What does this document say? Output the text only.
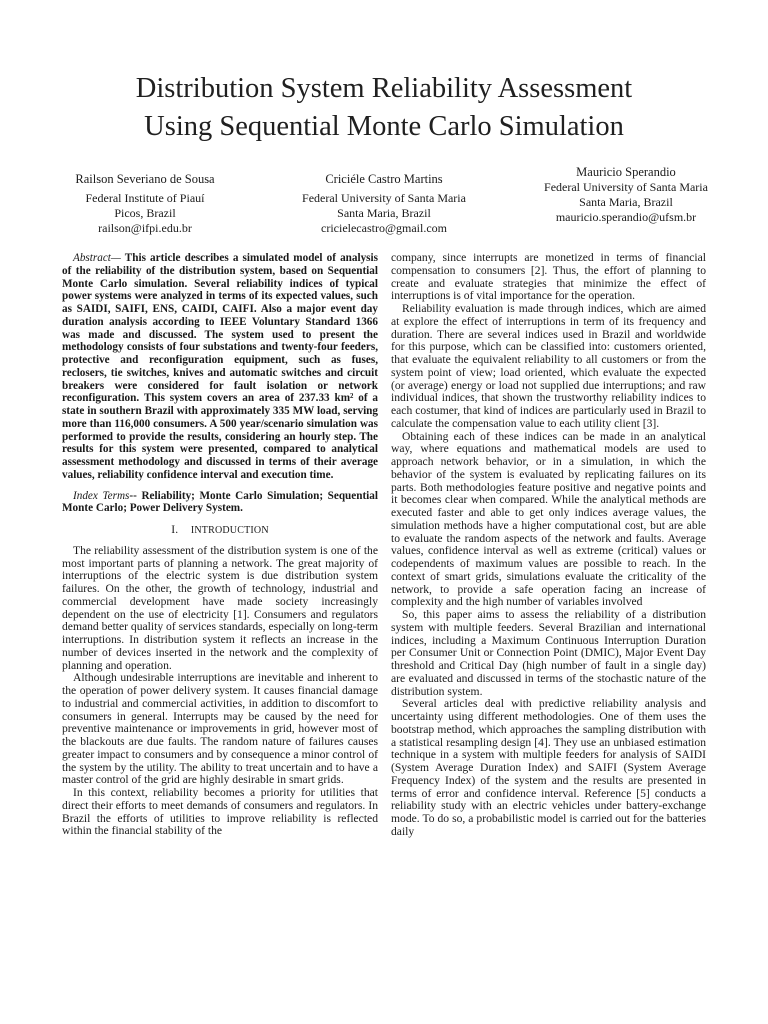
Distribution System Reliability Assessment
Using Sequential Monte Carlo Simulation
Railson Severiano de Sousa
Federal Institute of Piauí
Picos, Brazil
railson@ifpi.edu.br
Criciéle Castro Martins
Federal University of Santa Maria
Santa Maria, Brazil
cricielecastro@gmail.com
Mauricio Sperandio
Federal University of Santa Maria
Santa Maria, Brazil
mauricio.sperandio@ufsm.br

Abstract— This article describes a simulated model of analysis of the reliability of the distribution system, based on Sequential Monte Carlo simulation. Several reliability indices of typical power systems were analyzed in terms of its expected values, such as SAIDI, SAIFI, ENS, CAIDI, CAIFI. Also a major event day duration analysis according to IEEE Voluntary Standard 1366 was made and discussed. The system used to present the methodology consists of four substations and twenty-four feeders, protective and reconfiguration equipment, such as fuses, reclosers, tie switches, knives and automatic switches and circuit breakers were considered for fault isolation or network reconfiguration. This system covers an area of 237.33 km² of a state in southern Brazil with approximately 335 MW load, serving more than 116,000 consumers. A 500 year/scenario simulation was performed to provide the results, considering an hourly step. The results for this system were presented, compared to analytical assessment methodology and discussed in terms of their average values, reliability confidence interval and execution time.

Index Terms-- Reliability; Monte Carlo Simulation; Sequential Monte Carlo; Power Delivery System.

I. INTRODUCTION

The reliability assessment of the distribution system is one of the most important parts of planning a network. The great majority of interruptions of the electric system is due distribution system failures. On the other, the growth of technology, industrial and commercial development have made society increasingly dependent on the use of electricity [1]. Consumers and regulators demand better quality of services standards, especially on long-term interruptions. In distribution system it reflects an increase in the number of devices inserted in the network and the complexity of planning and operation.

Although undesirable interruptions are inevitable and inherent to the operation of power delivery system. It causes financial damage to industrial and commercial activities, in addition to discomfort to consumers in general. Interrupts may be caused by the need for preventive maintenance or improvements in grid, however most of the blackouts are due faults. The random nature of failures causes greater impact to consumers and by consequence a minor control of the system by the utility. The ability to treat uncertain and to have a master control of the grid are highly desirable in smart grids.

In this context, reliability becomes a priority for utilities that direct their efforts to meet demands of consumers and regulators. In Brazil the efforts of utilities to improve reliability is reflected within the financial stability of the

company, since interrupts are monetized in terms of financial compensation to consumers [2]. Thus, the effort of planning to create and evaluate strategies that minimize the effect of interruptions is of vital importance for the operation.

Reliability evaluation is made through indices, which are aimed at explore the effect of interruptions in term of its frequency and duration. There are several indices used in Brazil and worldwide for this purpose, which can be classified into: customers oriented, that evaluate the equivalent reliability to all customers or from the system point of view; load oriented, which evaluate the expected (or average) energy or load not supplied due interruptions; and raw individual indices, that shown the trustworthy reliability indices to each costumer, that kind of indices are particularly used in Brazil to calculate the compensation value to each utility client [3].

Obtaining each of these indices can be made in an analytical way, where equations and mathematical models are used to approach network behavior, or in a simulation, in which the behavior of the system is evaluated by replicating failures on its parts. Both methodologies feature positive and negative points and it becomes clear when compared. While the analytical methods are executed faster and able to get only indices average values, the simulation methods have a higher computational cost, but are able to evaluate the random aspects of the network and faults. Average values, confidence interval as well as extreme (critical) values or codependents of maximum values are possible to reach. In the context of smart grids, simulations evaluate the criticality of the network, to provide a safe operation facing an increase of complexity and the high number of variables involved

So, this paper aims to assess the reliability of a distribution system with multiple feeders. Several Brazilian and international indices, including a Maximum Continuous Interruption Duration per Consumer Unit or Connection Point (DMIC), Major Event Day threshold and Critical Day (high number of fault in a single day) are evaluated and discussed in terms of the stochastic nature of the distribution system.

Several articles deal with predictive reliability analysis and uncertainty using different methodologies. One of them uses the bootstrap method, which approaches the sampling distribution with a statistical resampling design [4]. They use an unbiased estimation technique in a system with multiple feeders for analysis of SAIDI (System Average Duration Index) and SAIFI (System Average Frequency Index) of the system and the results are presented in terms of error and confidence interval. Reference [5] conducts a reliability study with an electric vehicles under battery-exchange mode. To do so, a probabilistic model is carried out for the batteries daily
